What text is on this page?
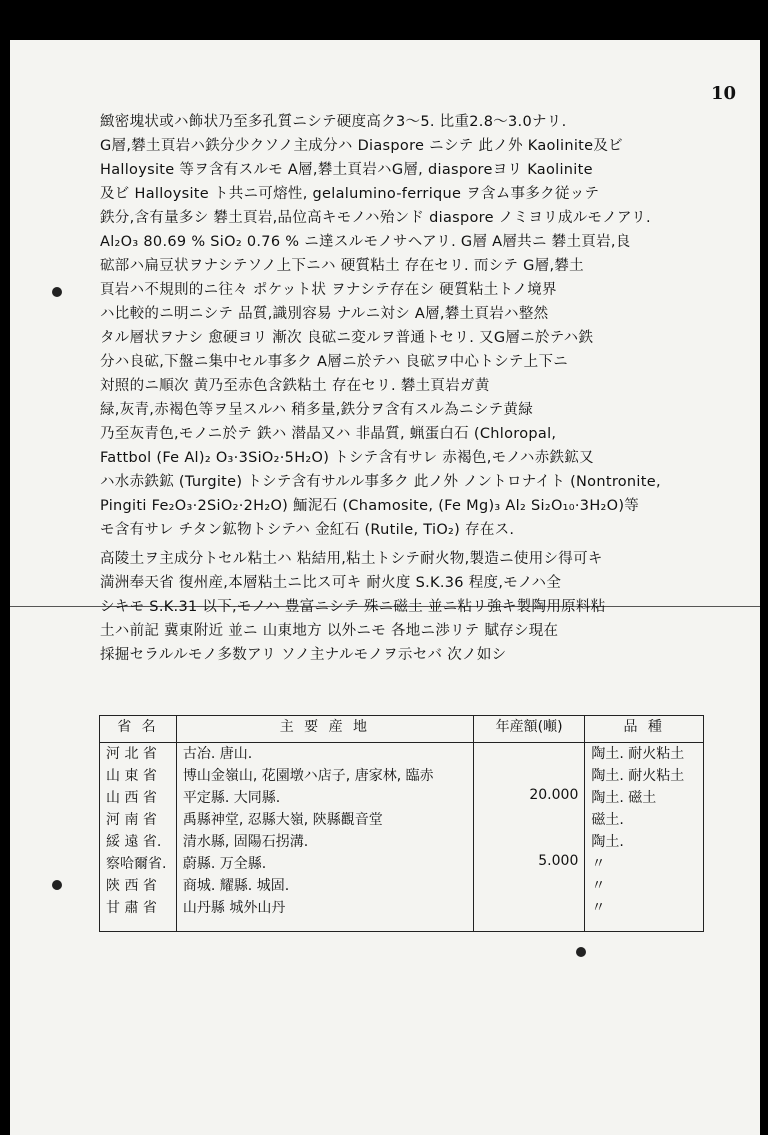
10
緻密塊状或ハ飾状乃至多孔質ニシテ硬度高ク3～5. 比重2.8～3.0ナリ.
G層,礬土頁岩ハ鉄分少クソノ主成分ハ Diaspore ニシテ 此ノ外 Kaolinite及ビ
Halloysite 等ヲ含有スルモ A層,礬土頁岩ハG層, diasporeヨリ Kaolinite
及ビ Halloysite ト共ニ可熔性, gelalumino-ferrique ヲ含ム事多ク従ッテ
鉄分,含有量多シ 礬土頁岩,品位高キモノハ殆ンド diaspore ノミヨリ成ルモノアリ.
Al₂O₃ 80.69 % SiO₂ 0.76 % ニ達スルモノサヘアリ. G層 A層共ニ 礬土頁岩,良
砿部ハ扁豆状ヲナシテソノ上下ニハ 硬質粘土 存在セリ. 而シテ G層,礬土
頁岩ハ不規則的ニ往々 ポケット状 ヲナシテ存在シ 硬質粘土トノ境界
ハ比較的ニ明ニシテ 品質,識別容易 ナルニ対シ A層,礬土頁岩ハ整然
タル層状ヲナシ 愈硬ヨリ 漸次 良砿ニ変ルヲ普通トセリ. 又G層ニ於テハ鉄
分ハ良砿,下盤ニ集中セル事多ク A層ニ於テハ 良砿ヲ中心トシテ上下ニ
対照的ニ順次 黄乃至赤色含鉄粘土 存在セリ. 礬土頁岩ガ黄
緑,灰青,赤褐色等ヲ呈スルハ 稍多量,鉄分ヲ含有スル為ニシテ黄緑
乃至灰青色,モノニ於テ 鉄ハ 潜晶又ハ 非晶質, 蝋蛋白石 (Chloropal,
Fattbol (Fe Al)₂ O₃·3SiO₂·5H₂O) トシテ含有サレ 赤褐色,モノハ赤鉄鉱又
ハ水赤鉄鉱 (Turgite) トシテ含有サルル事多ク 此ノ外 ノントロナイト (Nontronite,
Pingiti Fe₂O₃·2SiO₂·2H₂O) 鮞泥石 (Chamosite, (Fe Mg)₃ Al₂ Si₂O₁₀·3H₂O)等
モ含有サレ チタン鉱物トシテハ 金紅石 (Rutile, TiO₂) 存在ス.
高陵土ヲ主成分トセル粘土ハ 粘結用,粘土トシテ耐火物,製造ニ使用シ得可キ
満洲奉天省 復州産,本層粘土ニ比ス可キ 耐火度 S.K.36 程度,モノハ全
シキモ S.K.31 以下,モノハ 豊富ニシテ 殊ニ磁土 並ニ粘リ強キ製陶用原料粘
土ハ前記 冀東附近 並ニ 山東地方 以外ニモ 各地ニ渉リテ 賦存シ現在
採掘セラルルモノ多数アリ ソノ主ナルモノヲ示セバ 次ノ如シ
省 名	主 要 産 地	年産額(噸)	品 種
河 北 省	古冶. 唐山.		陶土. 耐火粘土
山 東 省	博山金嶺山, 花園墩ハ店子, 唐家林, 臨赤		陶土. 耐火粘土
山 西 省	平定縣. 大同縣.	20.000	陶土. 磁土
河 南 省	禹縣神堂, 忍縣大嶺, 陝縣觀音堂		磁土.
綏 遠 省.	清水縣, 固陽石拐溝.		陶土.
察哈爾省.	蔚縣. 万全縣.	5.000	〃
陝 西 省	商城. 耀縣. 城固.		〃
甘 肅 省	山丹縣 城外山丹		〃
